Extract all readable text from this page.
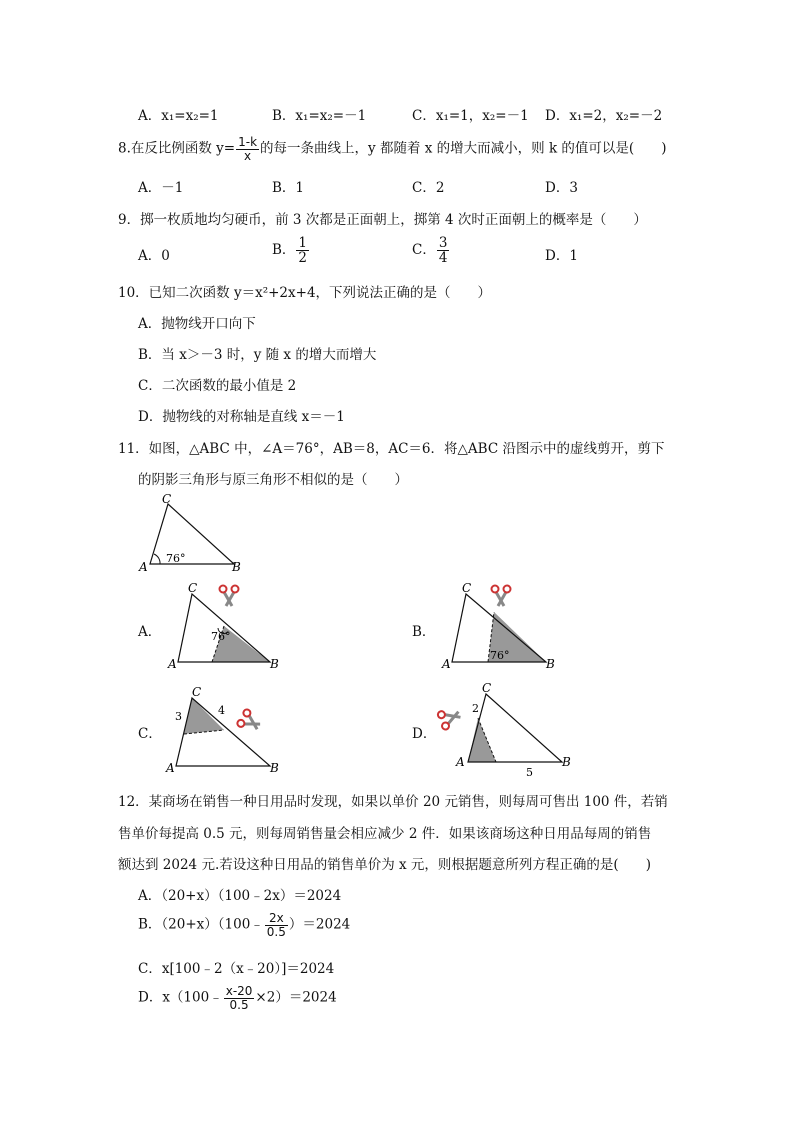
A．x₁=x₂=1	B．x₁=x₂=－1	C．x₁=1，x₂=－1 D．x₁=2，x₂=－2
8.在反比例函数 $y= \frac{1-k}{x}$ 的每一条曲线上，y 都随着 x 的增大而减小，则 k 的值可以是(　　)
A．－1	B．1	C．2	D．3
9．掷一枚质地均匀硬币，前 3 次都是正面朝上，掷第 4 次时正面朝上的概率是（　　）
A．0	B． $\frac{1}{2}$	C． $\frac{3}{4}$	D．1
10．已知二次函数 y＝x²+2x+4，下列说法正确的是（　　）
A．抛物线开口向下
B．当 x＞－3 时，y 随 x 的增大而增大
C．二次函数的最小值是 2
D．抛物线的对称轴是直线 x＝－1
11．如图，△ABC 中，∠A＝76°，AB＝8，AC＝6．将△ABC 沿图示中的虚线剪开，剪下
的阴影三角形与原三角形不相似的是（　　）
C
A	B
76°
A．
C
A	B
76°	B．
C
A	B
76°
C．
C
A	B
3	4
D．
C
A	B
2
5
12．某商场在销售一种日用品时发现，如果以单价 20 元销售，则每周可售出 100 件，若销
售单价每提高 0.5 元，则每周销售量会相应减少 2 件．如果该商场这种日用品每周的销售
额达到 2024 元.若设这种日用品的销售单价为 x 元，则根据题意所列方程正确的是(　　)
A．（20+x）（100﹣2x）＝2024
B．（20+x）（100﹣ $\frac{2x}{0.5} )=2024$
C．x[100﹣2（x﹣20）]＝2024
D．x（100﹣ $\frac{x-20}{0.5} \times 2)=2024$
